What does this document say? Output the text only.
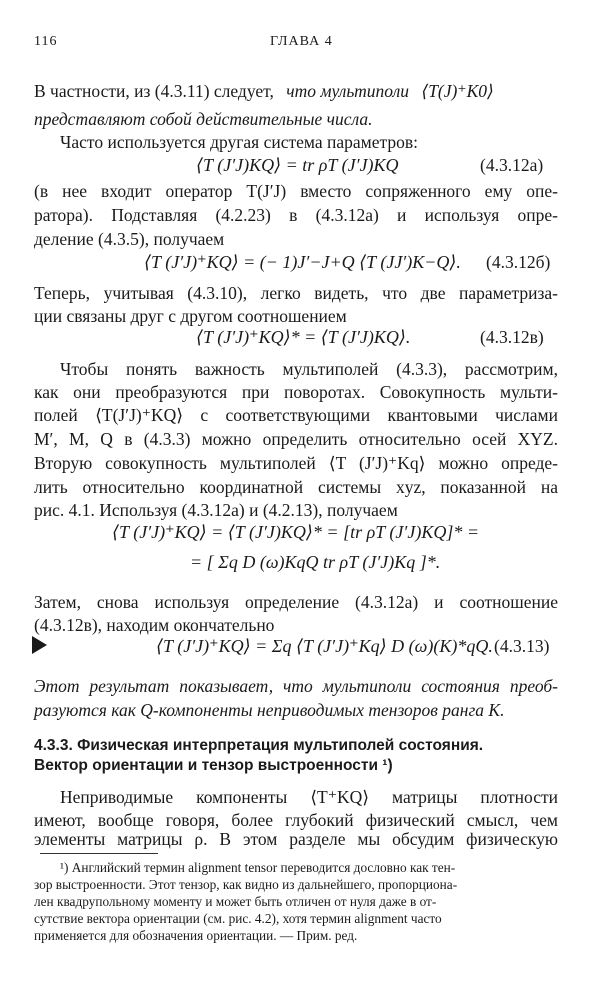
116	ГЛАВА 4
В частности, из (4.3.11) следует, что мультиполи ⟨T(J)⁺K0⟩
представляют собой действительные числа.
Часто используется другая система параметров:
⟨T (J′J)KQ⟩ = tr ρT (J′J)KQ	(4.3.12а)
(в нее входит оператор T(J′J) вместо сопряженного ему опе-
ратора). Подставляя (4.2.23) в (4.3.12а) и используя опре-
деление (4.3.5), получаем
⟨T (J′J)⁺KQ⟩ = (− 1)J′−J+Q ⟨T (JJ′)K−Q⟩. (4.3.12б)
Теперь, учитывая (4.3.10), легко видеть, что две параметриза-
ции связаны друг с другом соотношением
⟨T (J′J)⁺KQ⟩* = ⟨T (J′J)KQ⟩.	(4.3.12в)
Чтобы понять важность мультиполей (4.3.3), рассмотрим,
как они преобразуются при поворотах. Совокупность мульти-
полей ⟨T(J′J)⁺KQ⟩ с соответствующими квантовыми числами
M′, M, Q в (4.3.3) можно определить относительно осей XYZ.
Вторую совокупность мультиполей ⟨T (J′J)⁺Kq⟩ можно опреде-
лить относительно координатной системы xyz, показанной на
рис. 4.1. Используя (4.3.12а) и (4.2.13), получаем
⟨T (J′J)⁺KQ⟩ = ⟨T (J′J)KQ⟩* = [tr ρT (J′J)KQ]* =
= [ Σq D (ω)KqQ tr ρT (J′J)Kq ]*.
Затем, снова используя определение (4.3.12а) и соотношение
(4.3.12в), находим окончательно
⟨T (J′J)⁺KQ⟩ = Σq ⟨T (J′J)⁺Kq⟩ D (ω)(K)*qQ. (4.3.13)
Этот результат показывает, что мультиполи состояния преоб-
разуются как Q-компоненты неприводимых тензоров ранга K.
4.3.3. Физическая интерпретация мультиполей состояния.
Вектор ориентации и тензор выстроенности ¹)
Неприводимые компоненты ⟨T⁺KQ⟩ матрицы плотности
имеют, вообще говоря, более глубокий физический смысл, чем
элементы матрицы ρ. В этом разделе мы обсудим физическую
¹) Английский термин alignment tensor переводится дословно как тен-
зор выстроенности. Этот тензор, как видно из дальнейшего, пропорциона-
лен квадрупольному моменту и может быть отличен от нуля даже в от-
сутствие вектора ориентации (см. рис. 4.2), хотя термин alignment часто
применяется для обозначения ориентации. — Прим. ред.
